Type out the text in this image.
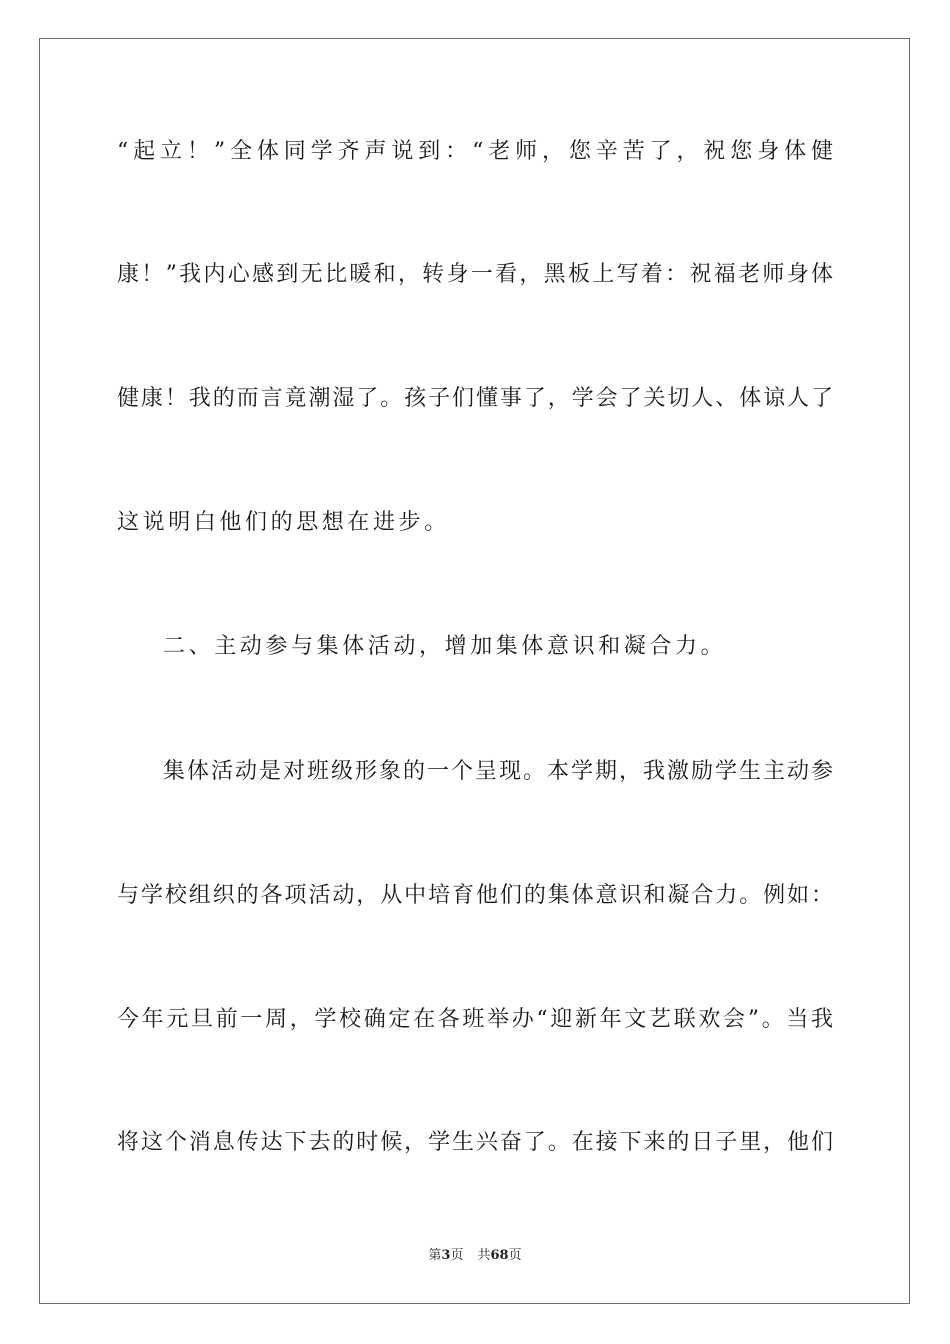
“起立！”全体同学齐声说到：“老师，您辛苦了，祝您身体健
康！”我内心感到无比暖和，转身一看，黑板上写着：祝福老师身体
健康！我的而言竟潮湿了。孩子们懂事了，学会了关切人、体谅人了
这说明白他们的思想在进步。
二、主动参与集体活动，增加集体意识和凝合力。
集体活动是对班级形象的一个呈现。本学期，我激励学生主动参
与学校组织的各项活动，从中培育他们的集体意识和凝合力。例如：
今年元旦前一周，学校确定在各班举办“迎新年文艺联欢会”。当我
将这个消息传达下去的时候，学生兴奋了。在接下来的日子里，他们
第3页 共68页
